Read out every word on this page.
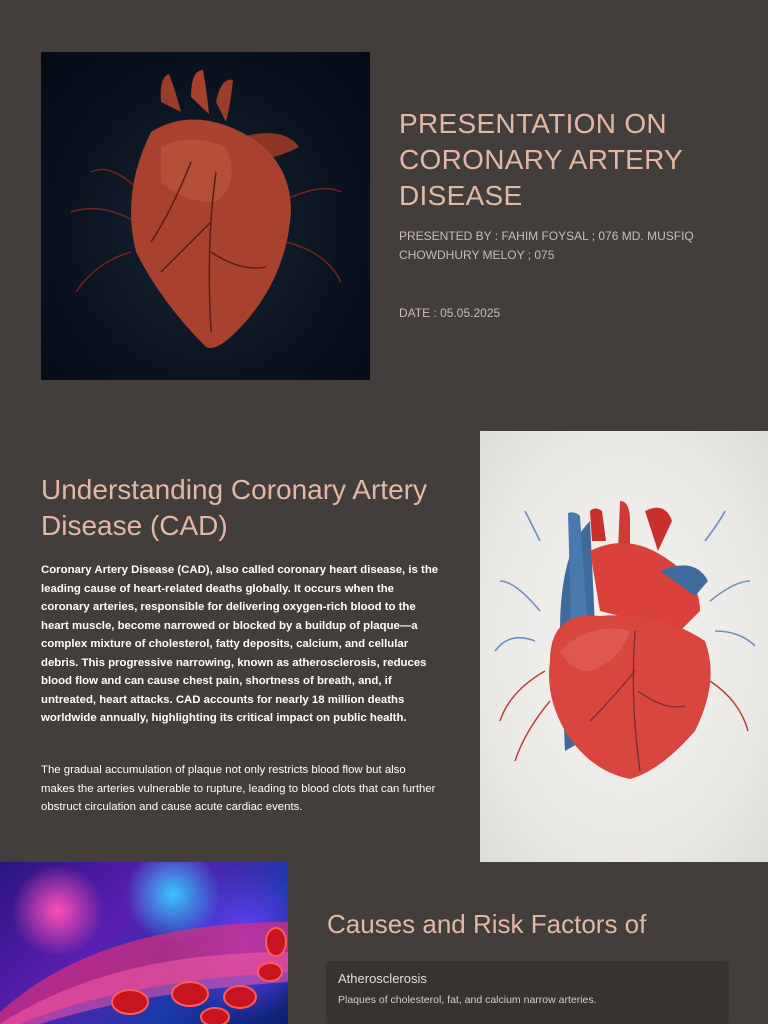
PRESENTATION ON CORONARY ARTERY DISEASE
PRESENTED BY : FAHIM FOYSAL ; 076 MD. MUSFIQ CHOWDHURY MELOY ; 075
DATE : 05.05.2025
Understanding Coronary Artery Disease (CAD)
Coronary Artery Disease (CAD), also called coronary heart disease, is the leading cause of heart-related deaths globally. It occurs when the coronary arteries, responsible for delivering oxygen-rich blood to the heart muscle, become narrowed or blocked by a buildup of plaque—a complex mixture of cholesterol, fatty deposits, calcium, and cellular debris. This progressive narrowing, known as atherosclerosis, reduces blood flow and can cause chest pain, shortness of breath, and, if untreated, heart attacks. CAD accounts for nearly 18 million deaths worldwide annually, highlighting its critical impact on public health.
The gradual accumulation of plaque not only restricts blood flow but also makes the arteries vulnerable to rupture, leading to blood clots that can further obstruct circulation and cause acute cardiac events.
Causes and Risk Factors of
Atherosclerosis
Plaques of cholesterol, fat, and calcium narrow arteries.
